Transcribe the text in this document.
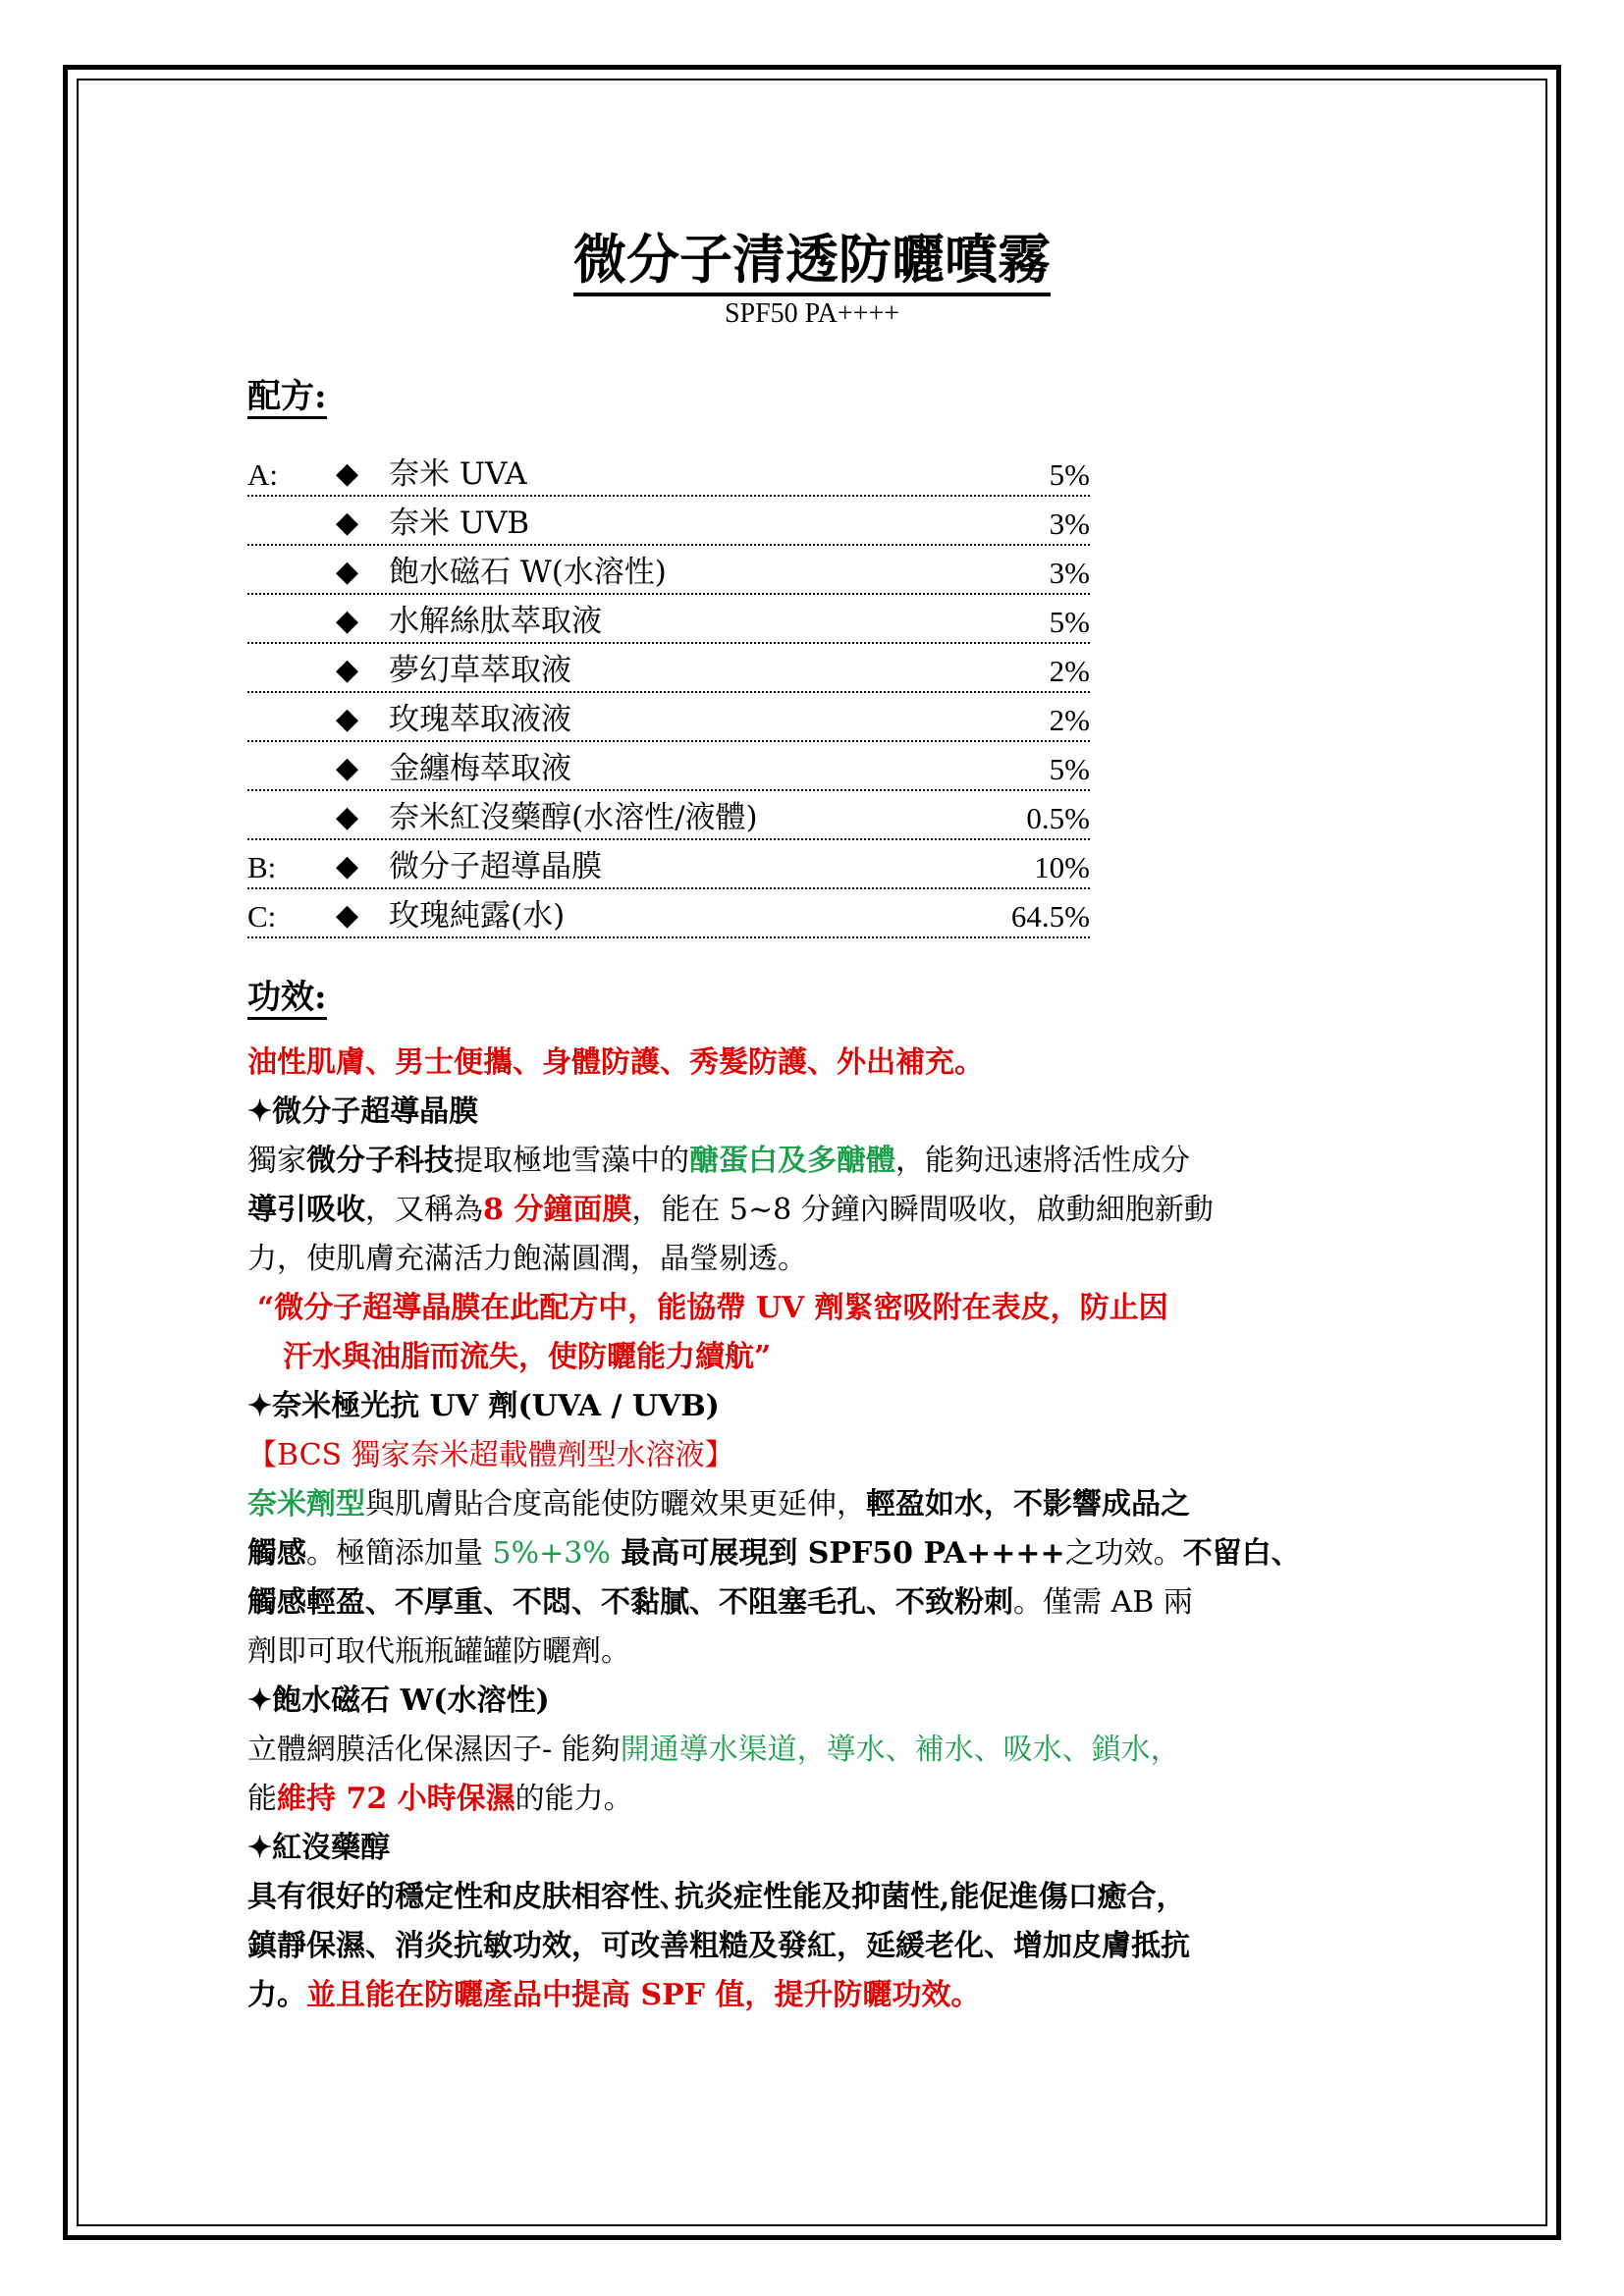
微分子清透防曬噴霧
SPF50 PA++++
配方:
A:	◆ 奈米 UVA	5%
◆ 奈米 UVB	3%
◆ 飽水磁石 W(水溶性)	3%
◆ 水解絲肽萃取液	5%
◆ 夢幻草萃取液	2%
◆ 玫瑰萃取液液	2%
◆ 金纏梅萃取液	5%
◆ 奈米紅沒藥醇(水溶性/液體)	0.5%
B:	◆ 微分子超導晶膜	10%
C:	◆ 玫瑰純露(水)	64.5%
功效:
油性肌膚、男士便攜、身體防護、秀髮防護、外出補充。
✦微分子超導晶膜
獨家微分子科技提取極地雪藻中的醣蛋白及多醣體，能夠迅速將活性成分
導引吸收，又稱為8 分鐘面膜，能在 5~8 分鐘內瞬間吸收，啟動細胞新動
力，使肌膚充滿活力飽滿圓潤，晶瑩剔透。
“微分子超導晶膜在此配方中，能協帶 UV 劑緊密吸附在表皮，防止因
汗水與油脂而流失，使防曬能力續航”
✦奈米極光抗 UV 劑(UVA / UVB)
【BCS 獨家奈米超載體劑型水溶液】
奈米劑型與肌膚貼合度高能使防曬效果更延伸，輕盈如水，不影響成品之
觸感。極簡添加量 5%+3% 最高可展現到 SPF50 PA++++之功效。不留白、
觸感輕盈、不厚重、不悶、不黏膩、不阻塞毛孔、不致粉刺。僅需 AB 兩
劑即可取代瓶瓶罐罐防曬劑。
✦飽水磁石 W(水溶性)
立體網膜活化保濕因子- 能夠開通導水渠道，導水、補水、吸水、鎖水，
能維持 72 小時保濕的能力。
✦紅沒藥醇
具有很好的穩定性和皮肤相容性､抗炎症性能及抑菌性,能促進傷口癒合，
鎮靜保濕、消炎抗敏功效，可改善粗糙及發紅，延緩老化、增加皮膚抵抗
力。並且能在防曬產品中提高 SPF 值，提升防曬功效。
